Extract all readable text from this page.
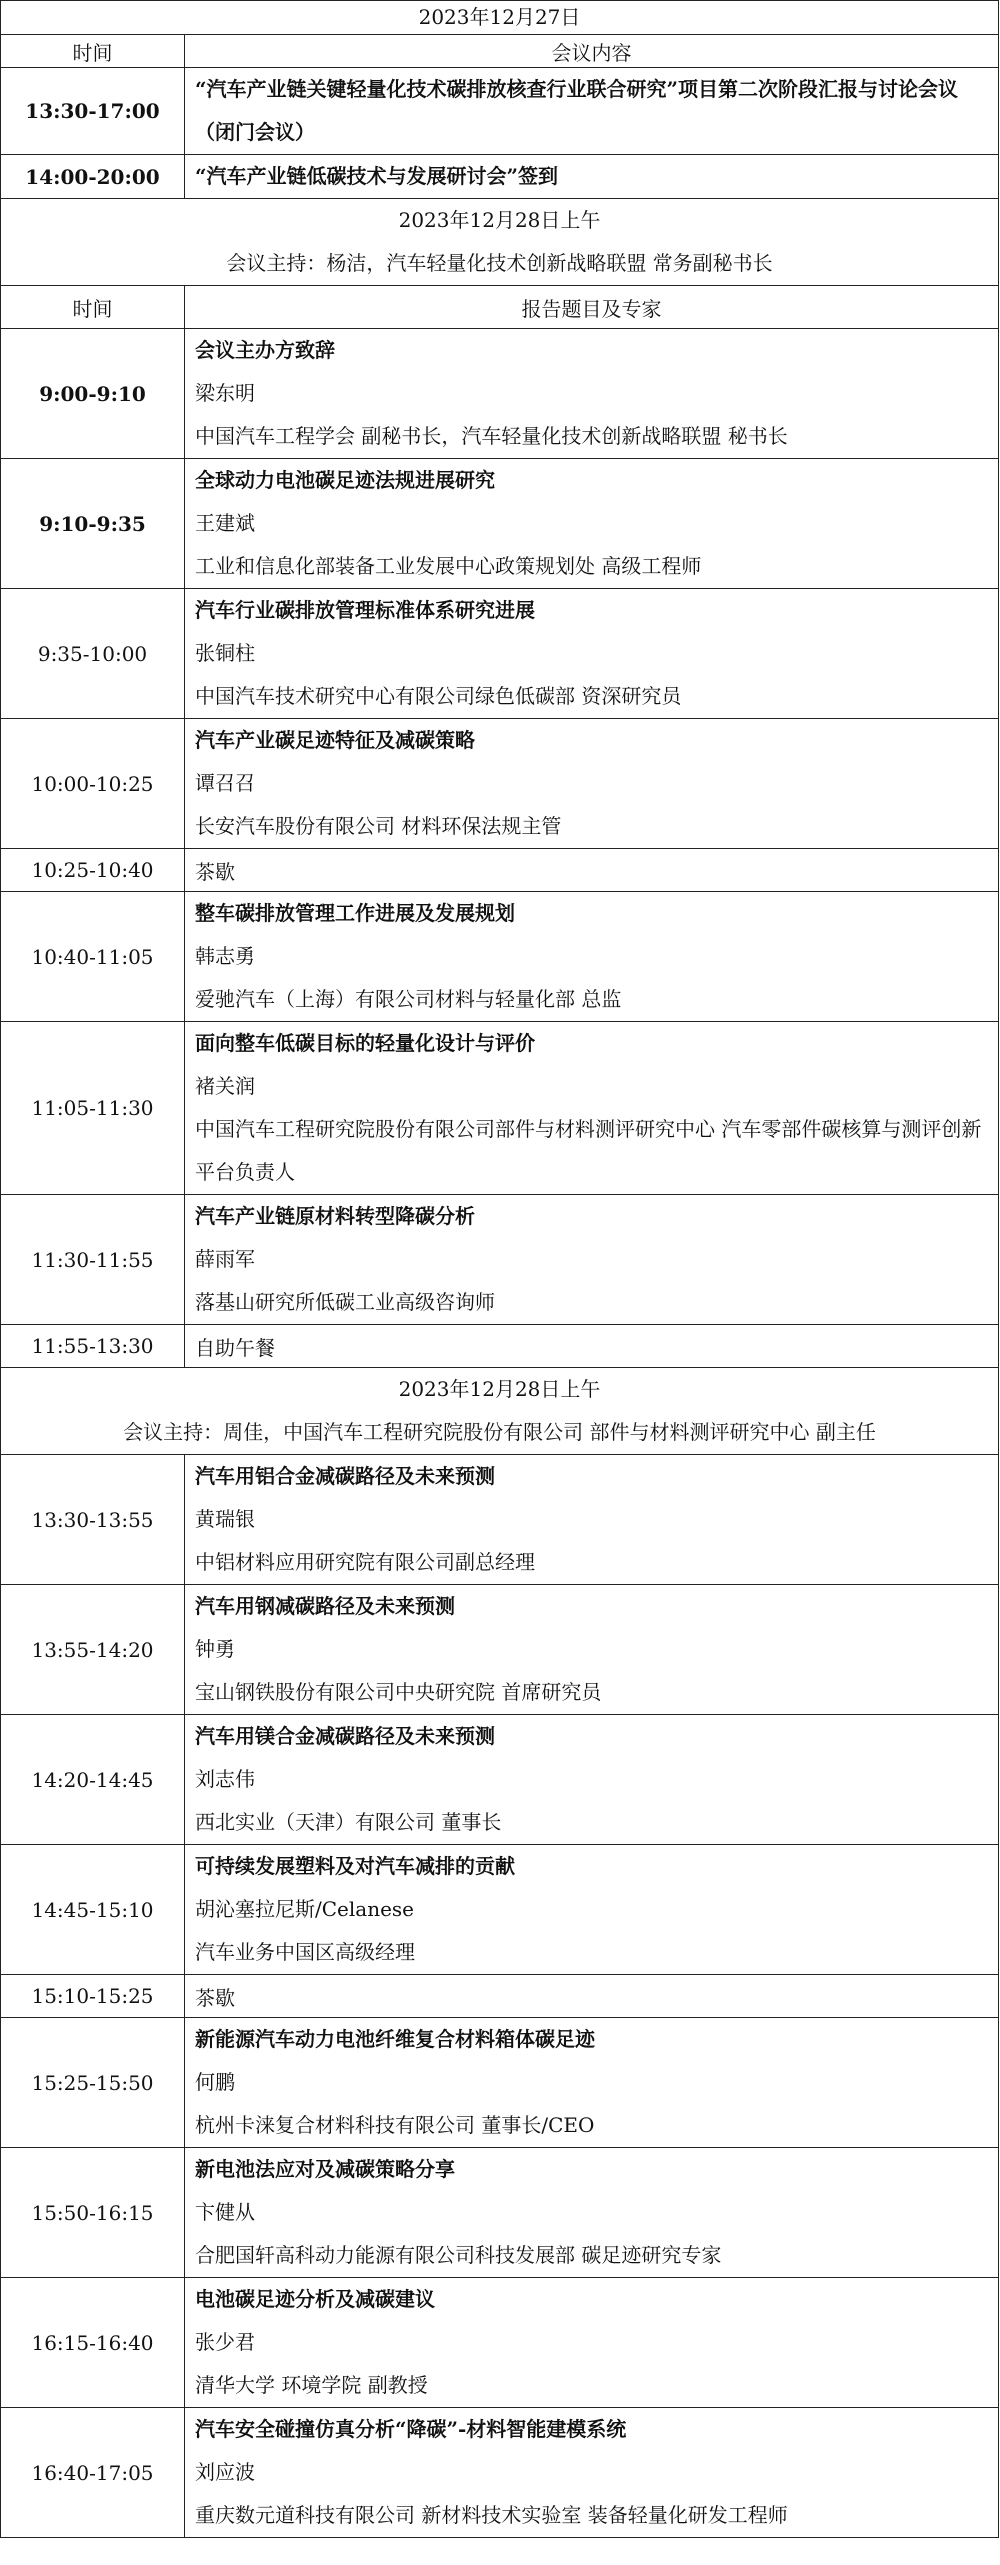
2023年12月27日	
时间	会议内容
13:30-17:00	“汽车产业链关键轻量化技术碳排放核查行业联合研究”项目第二次阶段汇报与讨论会议（闭门会议）

14:00-20:00	“汽车产业链低碳技术与发展研讨会”签到

2023年12月28日上午
会议主持：杨洁，汽车轻量化技术创新战略联盟 常务副秘书长	

时间	报告题目及专家
9:00-9:10	会议主办方致辞
梁东明
中国汽车工程学会 副秘书长，汽车轻量化技术创新战略联盟 秘书长

9:10-9:35	全球动力电池碳足迹法规进展研究
王建斌
工业和信息化部装备工业发展中心政策规划处 高级工程师

9:35-10:00	汽车行业碳排放管理标准体系研究进展
张铜柱
中国汽车技术研究中心有限公司绿色低碳部 资深研究员

10:00-10:25	汽车产业碳足迹特征及减碳策略
谭召召
长安汽车股份有限公司 材料环保法规主管

10:25-10:40	茶歇
10:40-11:05	整车碳排放管理工作进展及发展规划
韩志勇
爱驰汽车（上海）有限公司材料与轻量化部 总监

11:05-11:30	面向整车低碳目标的轻量化设计与评价
褚关润
中国汽车工程研究院股份有限公司部件与材料测评研究中心 汽车零部件碳核算与测评创新平台负责人

11:30-11:55	汽车产业链原材料转型降碳分析
薛雨军
落基山研究所低碳工业高级咨询师

11:55-13:30	自助午餐

2023年12月28日上午
会议主持：周佳，中国汽车工程研究院股份有限公司 部件与材料测评研究中心 副主任	

13:30-13:55	汽车用铝合金减碳路径及未来预测
黄瑞银
中铝材料应用研究院有限公司副总经理

13:55-14:20	汽车用钢减碳路径及未来预测
钟勇
宝山钢铁股份有限公司中央研究院 首席研究员

14:20-14:45	汽车用镁合金减碳路径及未来预测
刘志伟
西北实业（天津）有限公司 董事长

14:45-15:10	可持续发展塑料及对汽车减排的贡献
胡沁塞拉尼斯/Celanese
汽车业务中国区高级经理

15:10-15:25	茶歇
15:25-15:50	新能源汽车动力电池纤维复合材料箱体碳足迹
何鹏
杭州卡涞复合材料科技有限公司 董事长/CEO

15:50-16:15	新电池法应对及减碳策略分享
卞健从
合肥国轩高科动力能源有限公司科技发展部 碳足迹研究专家

16:15-16:40	电池碳足迹分析及减碳建议
张少君
清华大学 环境学院 副教授

16:40-17:05	汽车安全碰撞仿真分析“降碳”-材料智能建模系统
刘应波
重庆数元道科技有限公司 新材料技术实验室 装备轻量化研发工程师
